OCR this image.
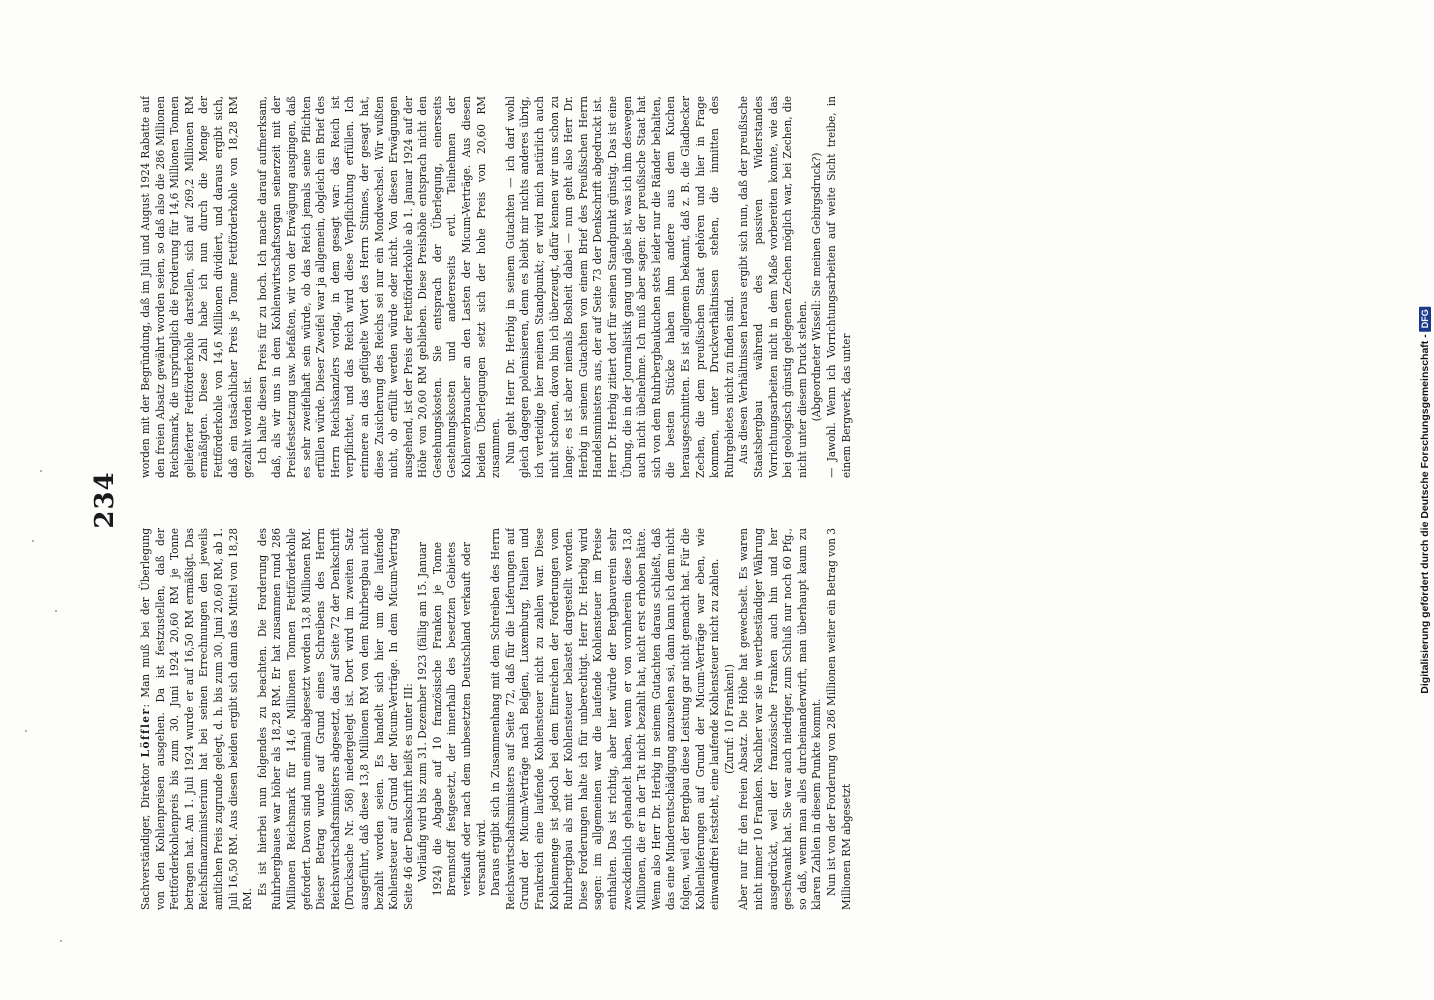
234

Sachverständiger, Direktor Löffler: Man muß bei der Überlegung von den Kohlenpreisen ausgehen. Da ist festzustellen, daß der Fettförderkohlenpreis bis zum 30. Juni 1924 20,60 RM je Tonne betragen hat. Am 1. Juli 1924 wurde er auf 16,50 RM ermäßigt. Das Reichsfinanzministerium hat bei seinen Errechnungen den jeweils amtlichen Preis zugrunde gelegt, d. h. bis zum 30. Juni 20,60 RM, ab 1. Juli 16,50 RM. Aus diesen beiden ergibt sich dann das Mittel von 18,28 RM.

Es ist hierbei nun folgendes zu beachten. Die Forderung des Ruhrbergbaues war höher als 18,28 RM. Er hat zusammen rund 286 Millionen Reichsmark für 14,6 Millionen Tonnen Fettförderkohle gefordert. Davon sind nun einmal abgesetzt worden 13,8 Millionen RM. Dieser Betrag wurde auf Grund eines Schreibens des Herrn Reichswirtschaftsministers abgesetzt, das auf Seite 72 der Denkschrift (Drucksache Nr. 568) niedergelegt ist. Dort wird im zweiten Satz ausgeführt, daß diese 13,8 Millionen RM von dem Ruhrbergbau nicht bezahlt worden seien. Es handelt sich hier um die laufende Kohlensteuer auf Grund der Micum-Verträge. In dem Micum-Vertrag Seite 46 der Denkschrift heißt es unter III: Vorläufig wird bis zum 31. Dezember 1923 (fällig am 15. Januar 1924) die Abgabe auf 10 französische Franken je Tonne Brennstoff festgesetzt, der innerhalb des besetzten Gebietes verkauft oder nach dem unbesetzten Deutschland verkauft oder versandt wird. Daraus ergibt sich in Zusammenhang mit dem Schreiben des Herrn Reichswirtschaftsministers auf Seite 72, daß für die Lieferungen auf Grund der Micum-Verträge nach Belgien, Luxemburg, Italien und Frankreich eine laufende Kohlensteuer nicht zu zahlen war. Diese Kohlenmenge ist jedoch bei dem Einreichen der Forderungen vom Ruhrbergbau als mit der Kohlensteuer belastet dargestellt worden. Diese Forderungen halte ich für unberechtigt. Herr Dr. Herbig wird sagen: im allgemeinen war die laufende Kohlensteuer im Preise enthalten. Das ist richtig, aber hier würde der Bergbauverein sehr zweckdienlich gehandelt haben, wenn er von vornherein diese 13,8 Millionen, die er in der Tat nicht bezahlt hat, nicht erst erhoben hätte. Wenn also Herr Dr. Herbig in seinem Gutachten daraus schließt, daß das eine Minderentschädigung anzusehen sei, dann kann ich dem nicht folgen, weil der Bergbau diese Leistung gar nicht gemacht hat. Für die Kohlenlieferungen auf Grund der Micum-Verträge war eben, wie einwandfrei feststeht, eine laufende Kohlensteuer nicht zu zahlen. (Zuruf: 10 Franken!) Aber nur für den freien Absatz. Die Höhe hat gewechselt. Es waren nicht immer 10 Franken. Nachher war sie in wertbeständiger Währung ausgedrückt, weil der französische Franken auch hin und her geschwankt hat. Sie war auch niedriger, zum Schluß nur noch 60 Pfg., so daß, wenn man alles durcheinanderwirft, man überhaupt kaum zu klaren Zahlen in diesem Punkte kommt. Nun ist von der Forderung von 286 Millionen weiter ein Betrag von 3 Millionen RM abgesetzt

worden mit der Begründung, daß im Juli und August 1924 Rabatte auf den freien Absatz gewährt worden seien, so daß also die 286 Millionen Reichsmark, die ursprünglich die Forderung für 14,6 Millionen Tonnen gelieferter Fettförderkohle darstellen, sich auf 269,2 Millionen RM ermäßigten. Diese Zahl habe ich nun durch die Menge der Fettförderkohle von 14,6 Millionen dividiert, und daraus ergibt sich, daß ein tatsächlicher Preis je Tonne Fettförderkohle von 18,28 RM gezahlt worden ist. Ich halte diesen Preis für zu hoch. Ich mache darauf aufmerksam, daß, als wir uns in dem Kohlenwirtschaftsorgan seinerzeit mit der Preisfestsetzung usw. befaßten, wir von der Erwägung ausgingen, daß es sehr zweifelhaft sein würde, ob das Reich jemals seine Pflichten erfüllen würde. Dieser Zweifel war ja allgemein, obgleich ein Brief des Herrn Reichskanzlers vorlag, in dem gesagt war: das Reich ist verpflichtet, und das Reich wird diese Verpflichtung erfüllen. Ich erinnere an das geflügelte Wort des Herrn Stinnes, der gesagt hat, diese Zusicherung des Reichs sei nur ein Mondwechsel. Wir wußten nicht, ob erfüllt werden würde oder nicht. Von diesen Erwägungen ausgehend, ist der Preis der Fettförderkohle ab 1. Januar 1924 auf der Höhe von 20,60 RM geblieben. Diese Preishöhe entsprach nicht den Gestehungskosten. Sie entsprach der Überlegung, einerseits Gestehungskosten und andererseits evtl. Teilnehmen der Kohlenverbraucher an den Lasten der Micum-Verträge. Aus diesen beiden Überlegungen setzt sich der hohe Preis von 20,60 RM zusammen. Nun geht Herr Dr. Herbig in seinem Gutachten — ich darf wohl gleich dagegen polemisieren, denn es bleibt mir nichts anderes übrig, ich verteidige hier meinen Standpunkt; er wird mich natürlich auch nicht schonen, davon bin ich überzeugt, dafür kennen wir uns schon zu lange; es ist aber niemals Bosheit dabei — nun geht also Herr Dr. Herbig in seinem Gutachten von einem Brief des Preußischen Herrn Handelsministers aus, der auf Seite 73 der Denkschrift abgedruckt ist. Herr Dr. Herbig zitiert dort für seinen Standpunkt günstig. Das ist eine Übung, die in der Journalistik gang und gäbe ist, was ich ihm deswegen auch nicht übelnehme. Ich muß aber sagen: der preußische Staat hat sich von dem Ruhrbergbaukuchen stets leider nur die Ränder behalten, die besten Stücke haben ihm andere aus dem Kuchen herausgeschnitten. Es ist allgemein bekannt, daß z. B. die Gladbecker Zechen, die dem preußischen Staat gehören und hier in Frage kommen, unter Druckverhältnissen stehen, die inmitten des Ruhrgebietes nicht zu finden sind. Aus diesen Verhältnissen heraus ergibt sich nun, daß der preußische Staatsbergbau während des passiven Widerstandes Vorrichtungsarbeiten nicht in dem Maße vorbereiten konnte, wie das bei geologisch günstig gelegenen Zechen möglich war, bei Zechen, die nicht unter diesem Druck stehen. (Abgeordneter Wissell: Sie meinen Gebirgsdruck?) — Jawohl. Wenn ich Vorrichtungsarbeiten auf weite Sicht treibe, in einem Bergwerk, das unter	Digitalisierung gefördert durch die Deutsche Forschungsgemeinschaft -
DFG
